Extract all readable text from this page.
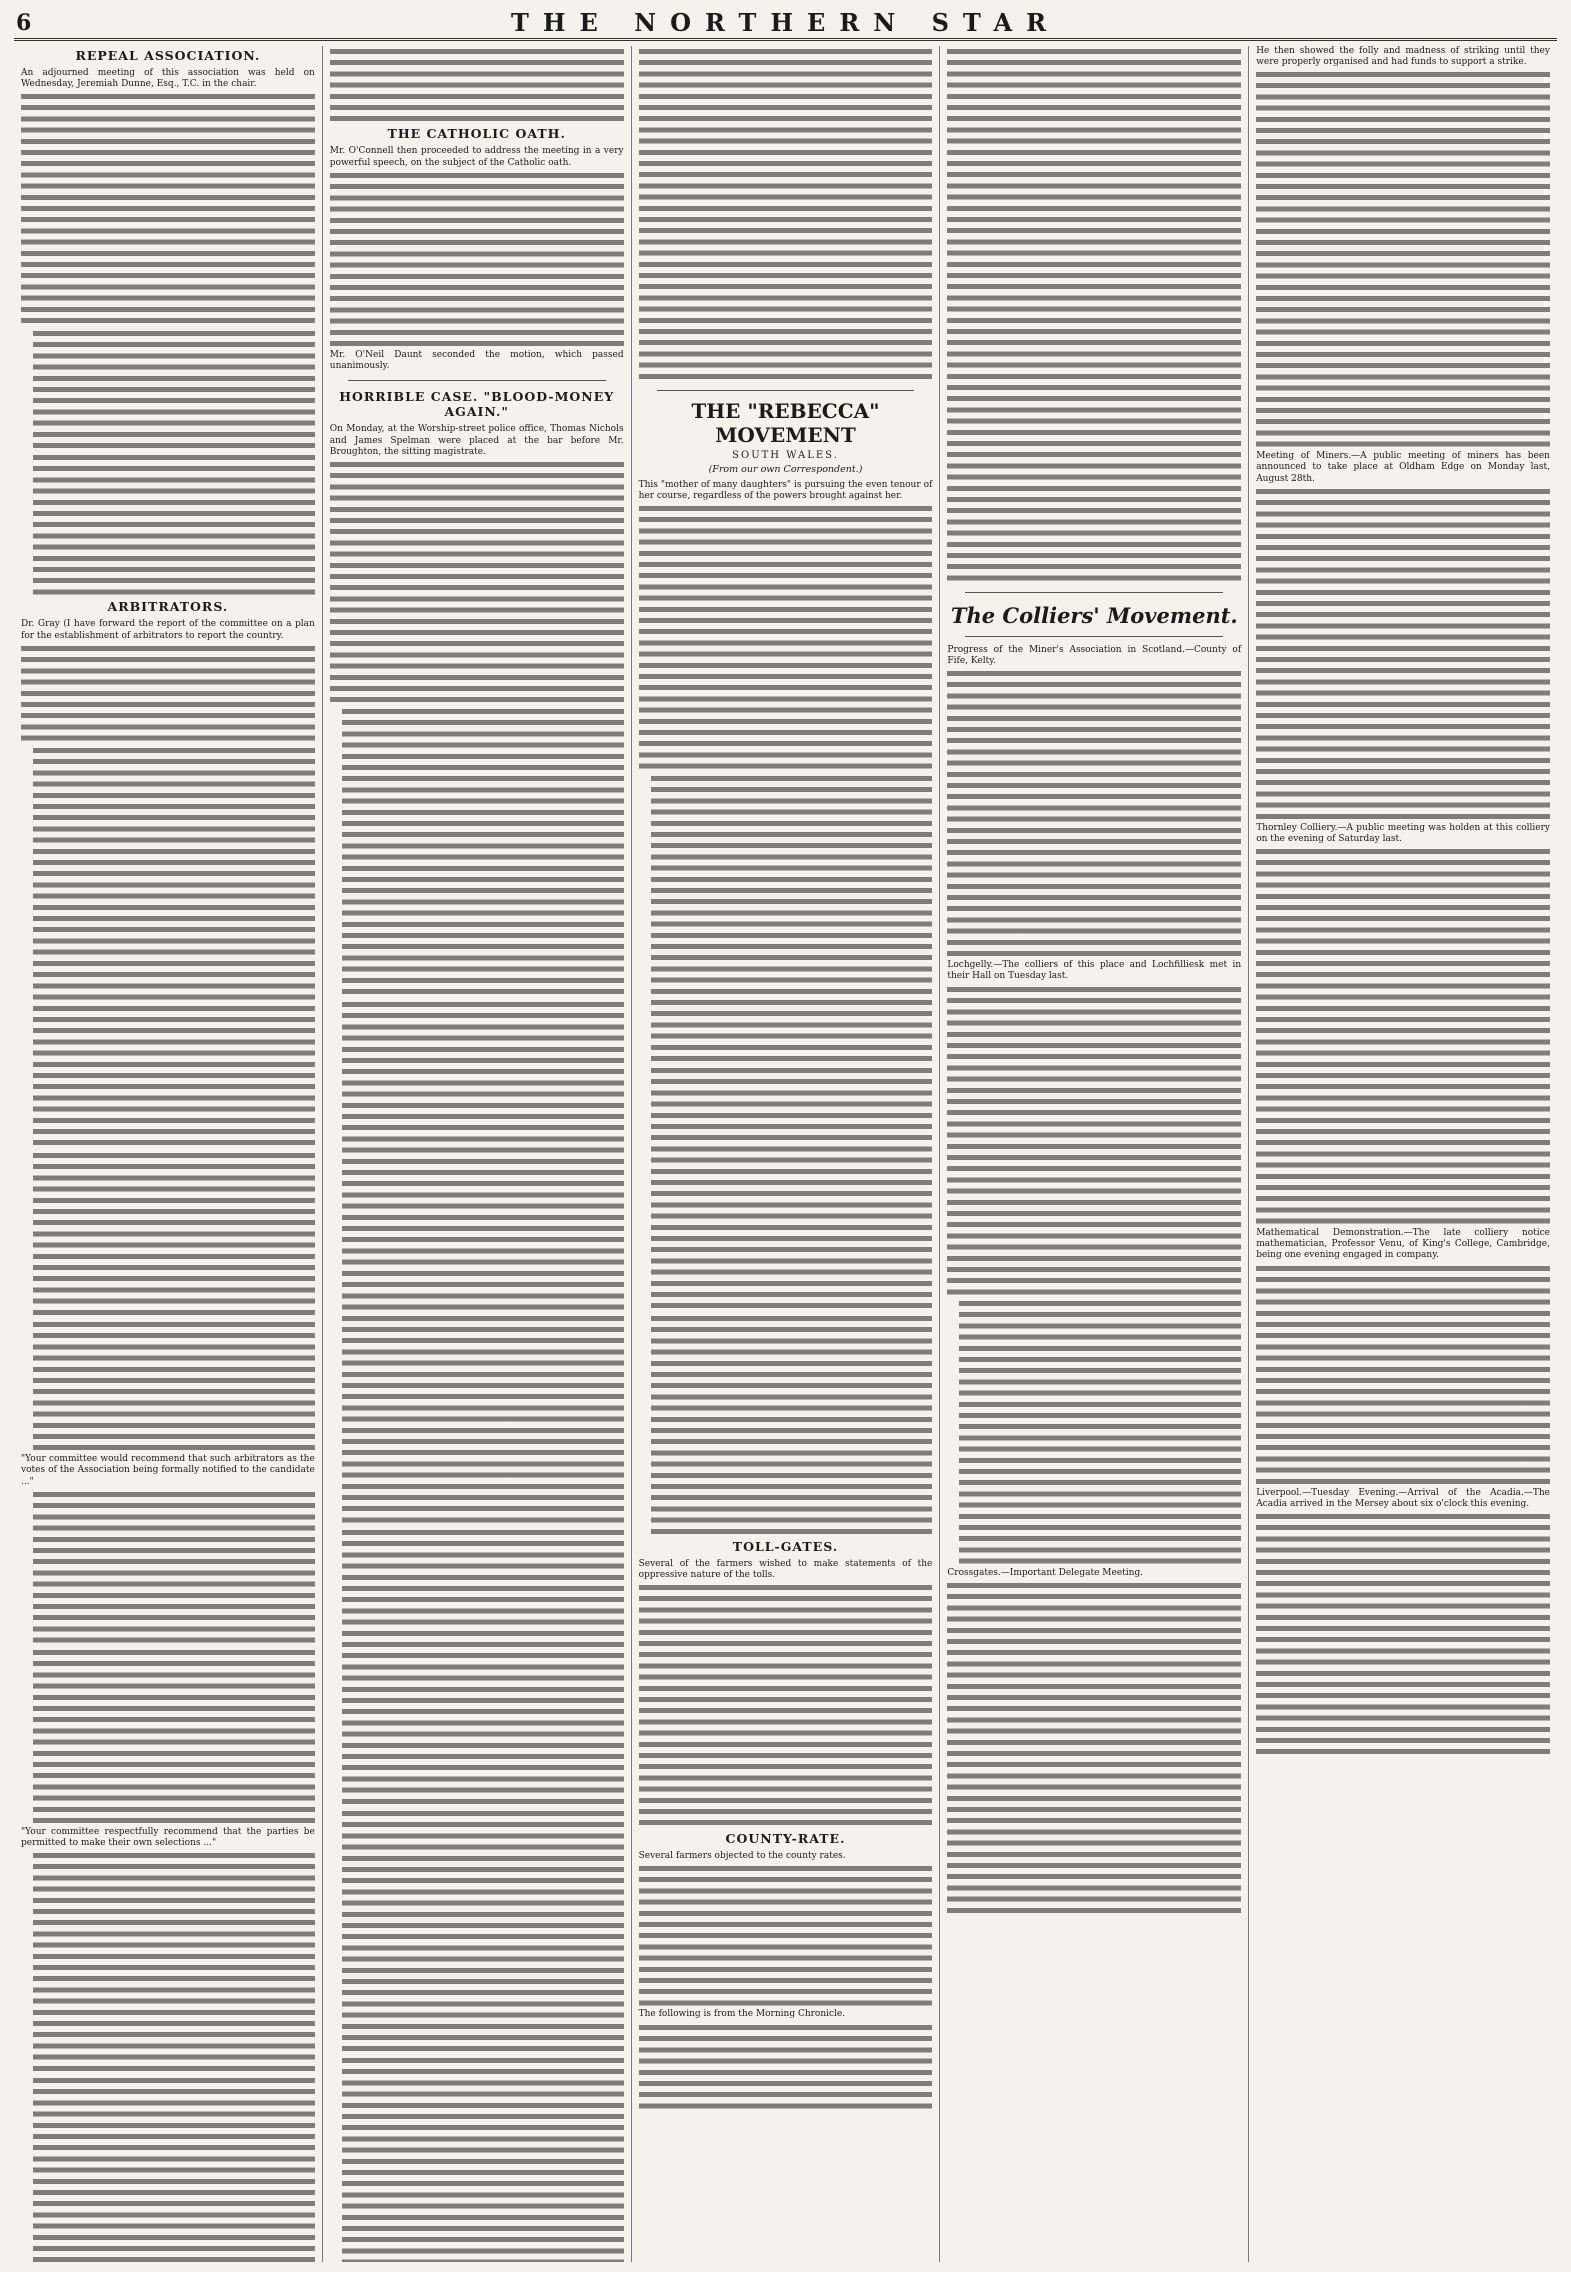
6	THE NORTHERN STAR
REPEAL ASSOCIATION.
An adjourned meeting of this association was held on Wednesday, Jeremiah Dunne, Esq., T.C. in the chair.
ARBITRATORS.
Dr. Gray (I have forward the report of the committee on a plan for the establishment of arbitrators to report the country.
"Your committee would recommend that such arbitrators as the votes of the Association being formally notified to the candidate ..."
"Your committee respectfully recommend that the parties be permitted to make their own selections ..."
THE CATHOLIC OATH.
Mr. O'Connell then proceeded to address the meeting in a very powerful speech, on the subject of the Catholic oath.
Mr. O'Neil Daunt seconded the motion, which passed unanimously.
HORRIBLE CASE. "BLOOD-MONEY AGAIN."
On Monday, at the Worship-street police office, Thomas Nichols and James Spelman were placed at the bar before Mr. Broughton, the sitting magistrate.
THE "REBECCA" MOVEMENT
SOUTH WALES.
(From our own Correspondent.)
This "mother of many daughters" is pursuing the even tenour of her course, regardless of the powers brought against her.
TOLL-GATES.
Several of the farmers wished to make statements of the oppressive nature of the tolls.
COUNTY-RATE.
Several farmers objected to the county rates.
The following is from the Morning Chronicle.
The Colliers' Movement.
Progress of the Miner's Association in Scotland.—County of Fife, Kelty.
Lochgelly.—The colliers of this place and Lochfilliesk met in their Hall on Tuesday last.
Crossgates.—Important Delegate Meeting.
He then showed the folly and madness of striking until they were properly organised and had funds to support a strike.
Meeting of Miners.—A public meeting of miners has been announced to take place at Oldham Edge on Monday last, August 28th.
Thornley Colliery.—A public meeting was holden at this colliery on the evening of Saturday last.
Mathematical Demonstration.—The late colliery notice mathematician, Professor Venu, of King's College, Cambridge, being one evening engaged in company.
Liverpool.—Tuesday Evening.—Arrival of the Acadia.—The Acadia arrived in the Mersey about six o'clock this evening.
